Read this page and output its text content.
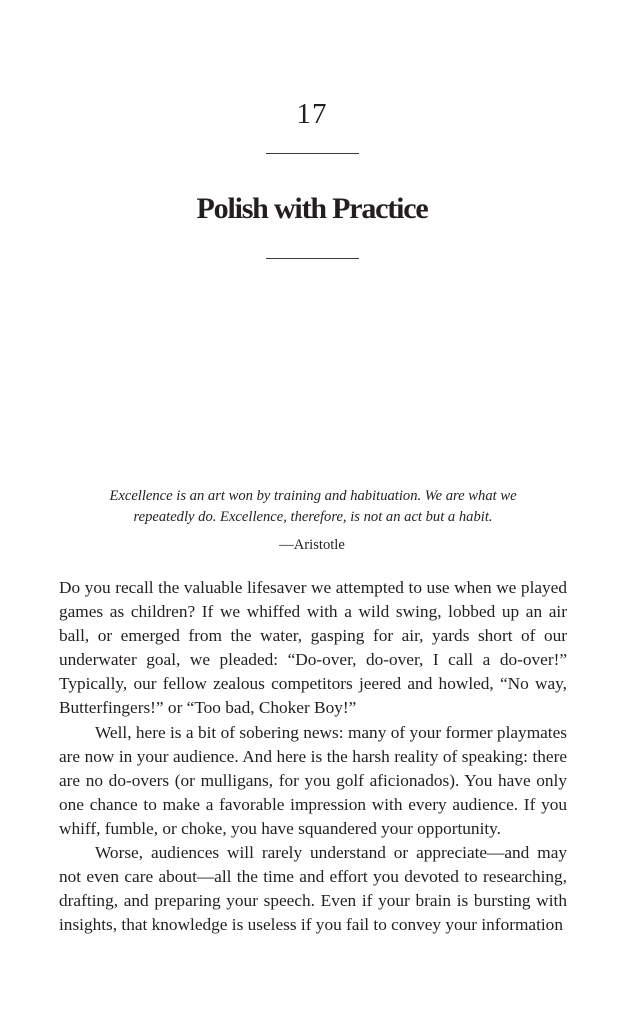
17
Polish with Practice
Excellence is an art won by training and habituation. We are what we repeatedly do. Excellence, therefore, is not an act but a habit.
—Aristotle

Do you recall the valuable lifesaver we attempted to use when we played games as children? If we whiffed with a wild swing, lobbed up an air ball, or emerged from the water, gasping for air, yards short of our underwater goal, we pleaded: “Do-over, do-over, I call a do-over!” Typically, our fellow zealous competitors jeered and howled, “No way, Butterfingers!” or “Too bad, Choker Boy!”

Well, here is a bit of sobering news: many of your former playmates are now in your audience. And here is the harsh reality of speaking: there are no do-overs (or mulligans, for you golf aficionados). You have only one chance to make a favorable impression with every audience. If you whiff, fumble, or choke, you have squandered your opportunity.

Worse, audiences will rarely understand or appreciate—and may not even care about—all the time and effort you devoted to researching, drafting, and preparing your speech. Even if your brain is bursting with insights, that knowledge is useless if you fail to convey your information
